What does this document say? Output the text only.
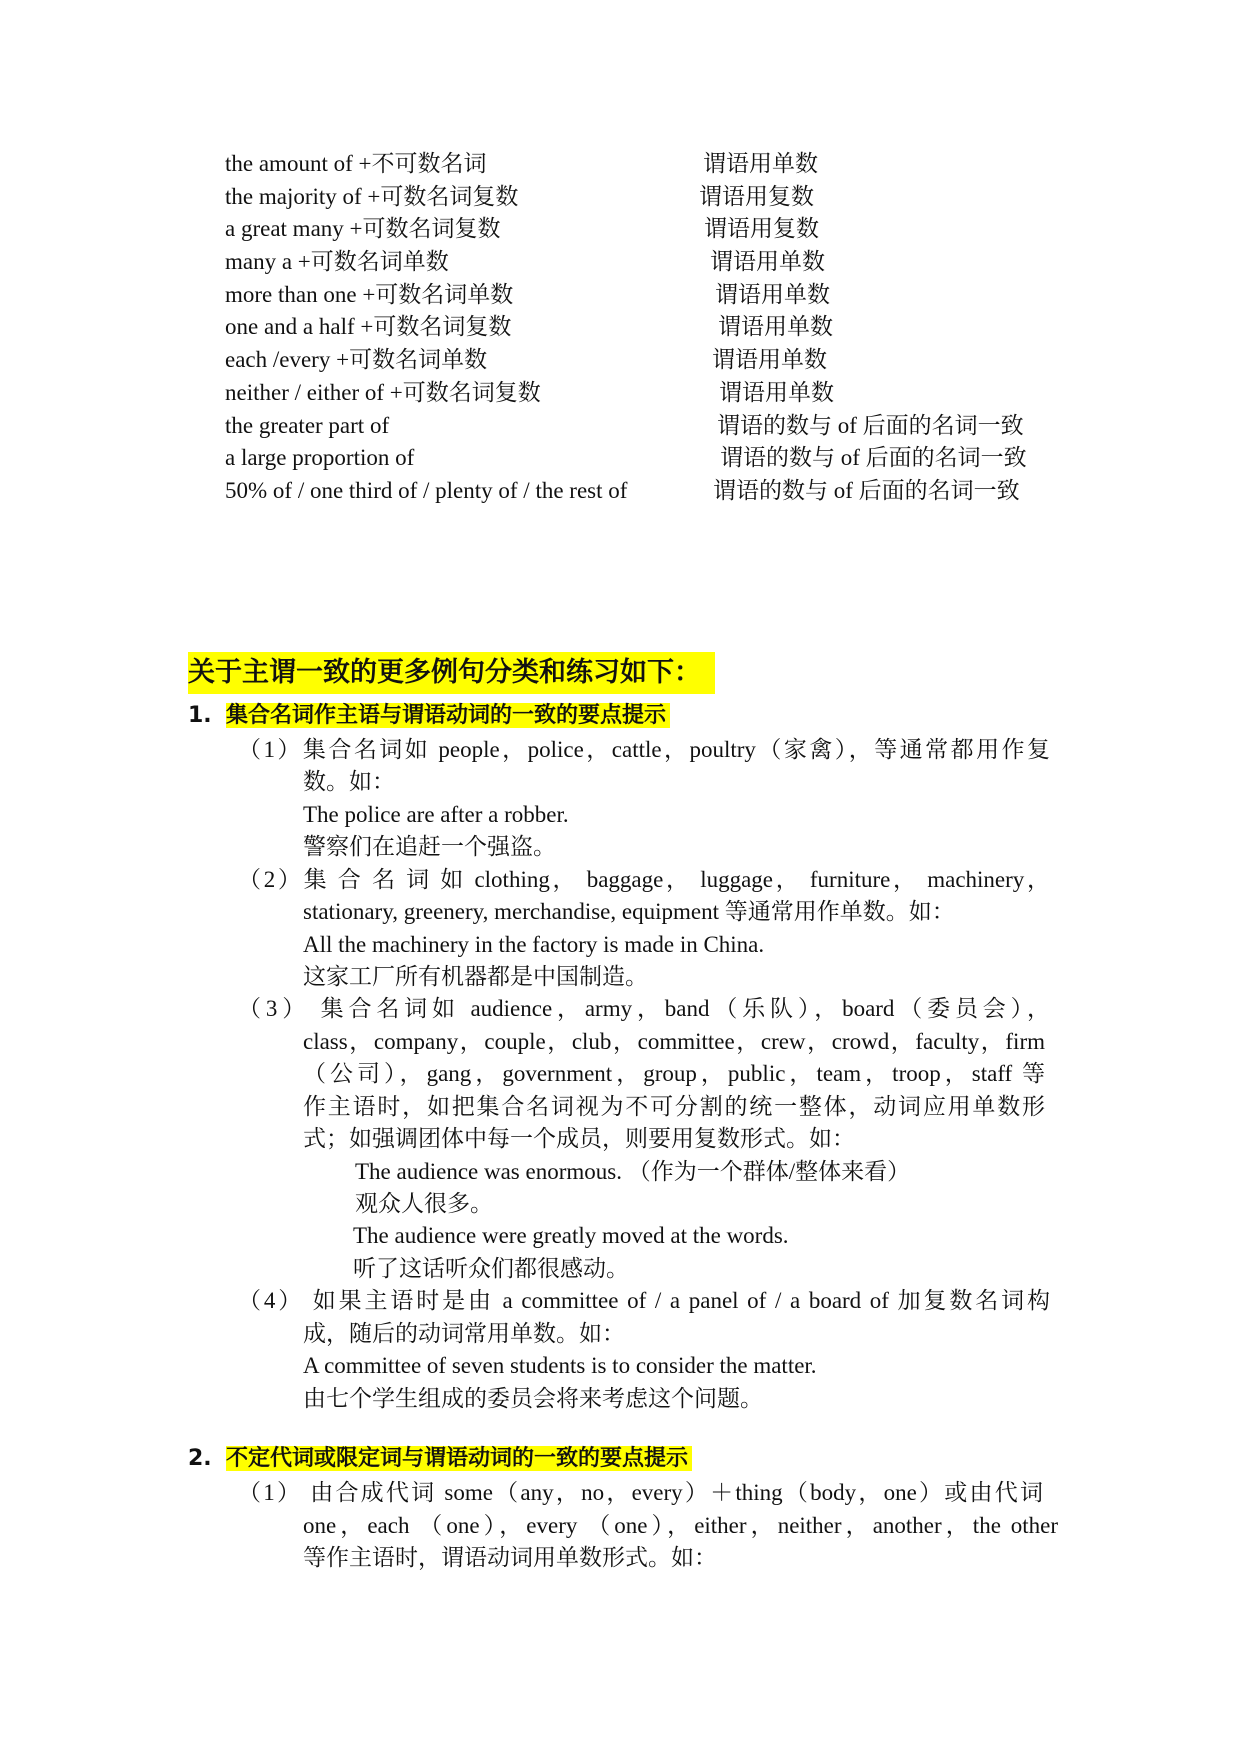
the amount of +不可数名词	谓语用单数
the majority of +可数名词复数	谓语用复数
a great many +可数名词复数	谓语用复数
many a +可数名词单数	谓语用单数
more than one +可数名词单数	谓语用单数
one and a half +可数名词复数	谓语用单数
each /every +可数名词单数	谓语用单数
neither / either of +可数名词复数	谓语用单数
the greater part of	谓语的数与 of 后面的名词一致
a large proportion of	谓语的数与 of 后面的名词一致
50% of / one third of / plenty of / the rest of	谓语的数与 of 后面的名词一致
关于主谓一致的更多例句分类和练习如下：
1. 集合名词作主语与谓语动词的一致的要点提示
（1）集合名词如 people，police，cattle，poultry（家禽），等通常都用作复
数。如：
The police are after a robber.
警察们在追赶一个强盗。
（2）集 合 名 词 如 clothing， baggage， luggage， furniture， machinery，
stationary, greenery, merchandise, equipment 等通常用作单数。如：
All the machinery in the factory is made in China.
这家工厂所有机器都是中国制造。
（3） 集合名词如 audience，army，band（乐队），board（委员会），
class，company，couple，club，committee，crew，crowd，faculty，firm
（公司），gang，government，group，public，team，troop，staff 等
作主语时，如把集合名词视为不可分割的统一整体，动词应用单数形
式；如强调团体中每一个成员，则要用复数形式。如：
The audience was enormous. （作为一个群体/整体来看）
观众人很多。
The audience were greatly moved at the words.
听了这话听众们都很感动。
（4） 如果主语时是由 a committee of / a panel of / a board of 加复数名词构
成，随后的动词常用单数。如：
A committee of seven students is to consider the matter.
由七个学生组成的委员会将来考虑这个问题。
2. 不定代词或限定词与谓语动词的一致的要点提示
（1） 由合成代词 some（any，no，every）＋thing（body，one）或由代词
one，each （one），every （one），either，neither，another，the other
等作主语时，谓语动词用单数形式。如：
